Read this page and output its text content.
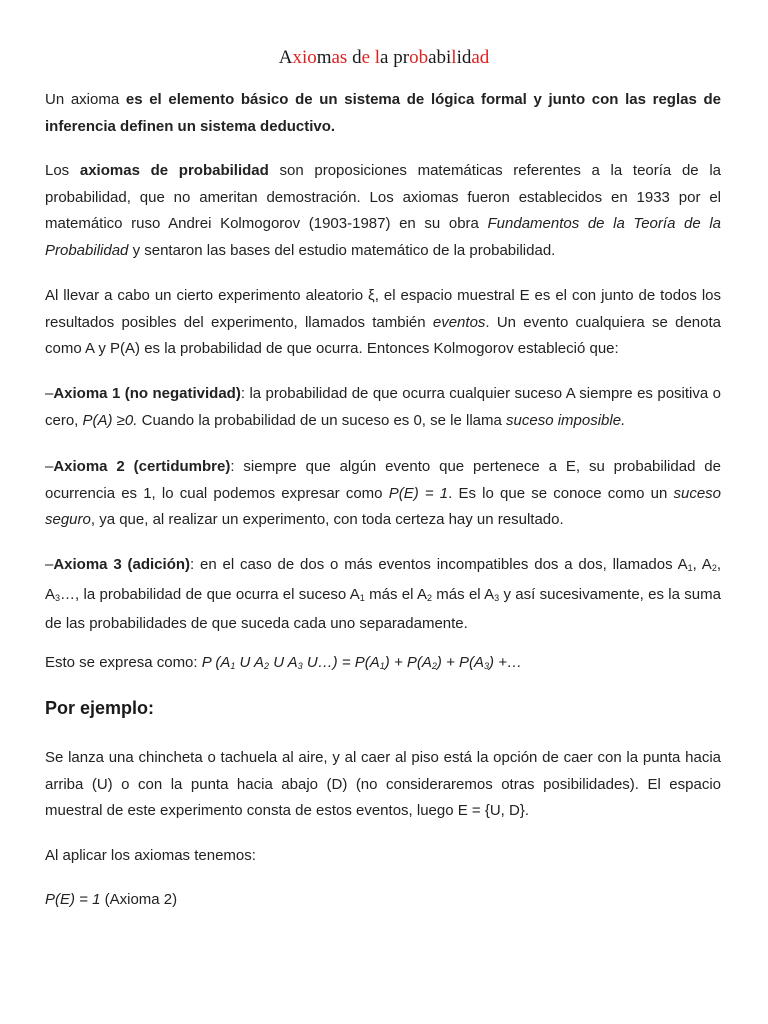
Axiomas de la probabilidad

Un axioma es el elemento básico de un sistema de lógica formal y junto con las reglas de inferencia definen un sistema deductivo.

Los axiomas de probabilidad son proposiciones matemáticas referentes a la teoría de la probabilidad, que no ameritan demostración. Los axiomas fueron establecidos en 1933 por el matemático ruso Andrei Kolmogorov (1903-1987) en su obra Fundamentos de la Teoría de la Probabilidad y sentaron las bases del estudio matemático de la probabilidad.

Al llevar a cabo un cierto experimento aleatorio ξ, el espacio muestral E es el con junto de todos los resultados posibles del experimento, llamados también eventos. Un evento cualquiera se denota como A y P(A) es la probabilidad de que ocurra. Entonces Kolmogorov estableció que:

–Axioma 1 (no negatividad): la probabilidad de que ocurra cualquier suceso A siempre es positiva o cero, P(A) ≥0. Cuando la probabilidad de un suceso es 0, se le llama suceso imposible.

–Axioma 2 (certidumbre): siempre que algún evento que pertenece a E, su probabilidad de ocurrencia es 1, lo cual podemos expresar como P(E) = 1. Es lo que se conoce como un suceso seguro, ya que, al realizar un experimento, con toda certeza hay un resultado.

–Axioma 3 (adición): en el caso de dos o más eventos incompatibles dos a dos, llamados $A_1$, $A_2$, $A_3\dots$, la probabilidad de que ocurra el suceso $A_1$ más el $A_2$ más el $A_3$ y así sucesivamente, es la suma de las probabilidades de que suceda cada uno separadamente.

Esto se expresa como: P ($A_1$ U $A_2$ U $A_3$ U…) = $P(A_1) + P(A_2) + P(A_3)$ +…

Por ejemplo:

Se lanza una chincheta o tachuela al aire, y al caer al piso está la opción de caer con la punta hacia arriba (U) o con la punta hacia abajo (D) (no consideraremos otras posibilidades). El espacio muestral de este experimento consta de estos eventos, luego E = {U, D}.

Al aplicar los axiomas tenemos:

P(E) = 1 (Axioma 2)
